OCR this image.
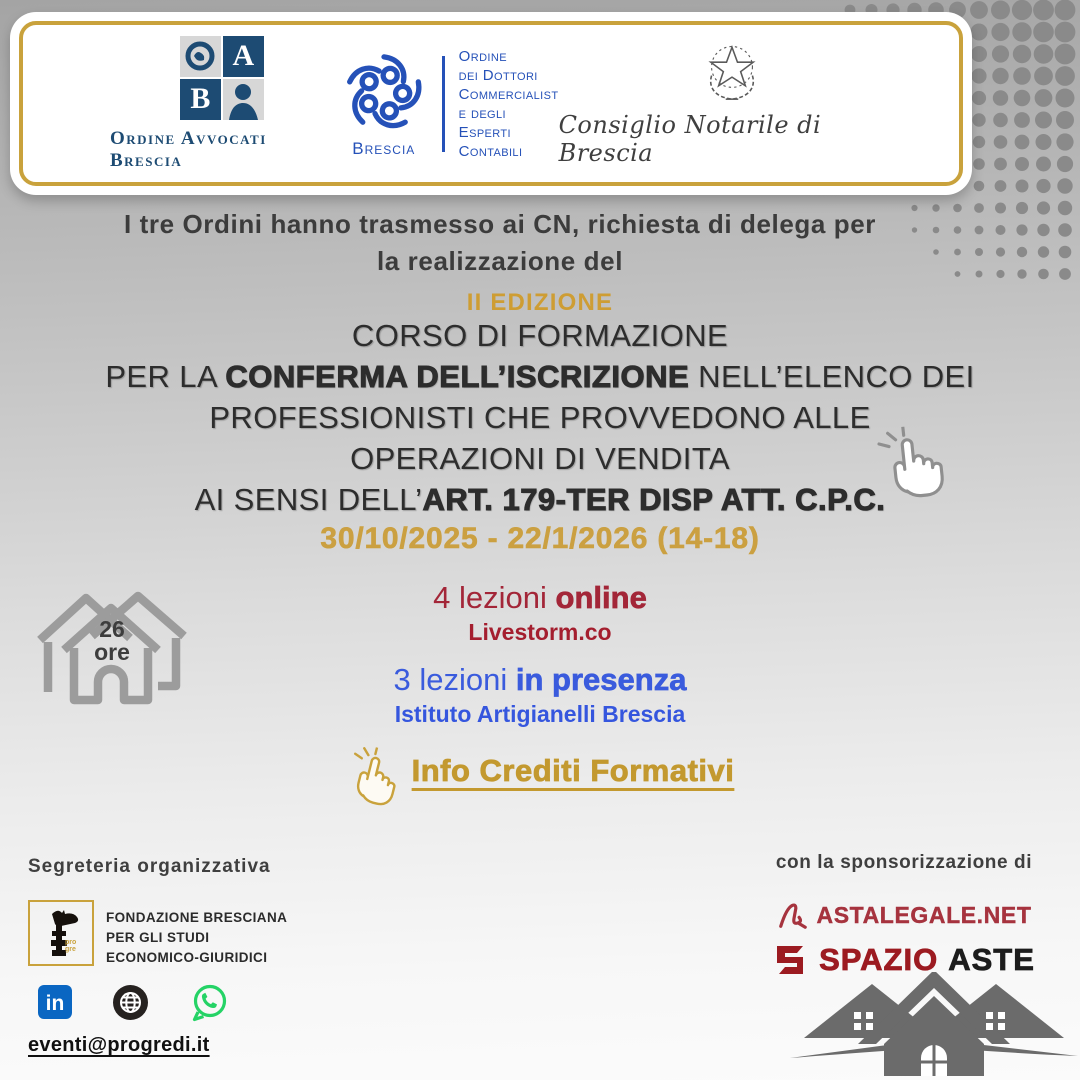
A
B
Ordine Avvocati Brescia
Brescia
Ordine
dei Dottori
Commercialist
e degli Esperti
Contabili
Consiglio Notarile di Brescia
I tre Ordini hanno trasmesso ai CN, richiesta di delega per
la realizzazione del
II EDIZIONE
CORSO DI FORMAZIONE
PER LA CONFERMA DELL’ISCRIZIONE NELL’ELENCO DEI
PROFESSIONISTI CHE PROVVEDONO ALLE
OPERAZIONI DI VENDITA
AI SENSI DELL’ART. 179-TER DISP ATT. C.P.C.
30/10/2025 - 22/1/2026 (14-18)
26
ore
4 lezioni online
Livestorm.co
3 lezioni in presenza
Istituto Artigianelli Brescia
Info Crediti Formativi
Segreteria organizzativa
pro
gre
FONDAZIONE BRESCIANA
PER GLI STUDI
ECONOMICO-GIURIDICI
in
eventi@progredi.it
con la sponsorizzazione di
ASTALEGALE.NET
SPAZIO ASTE
